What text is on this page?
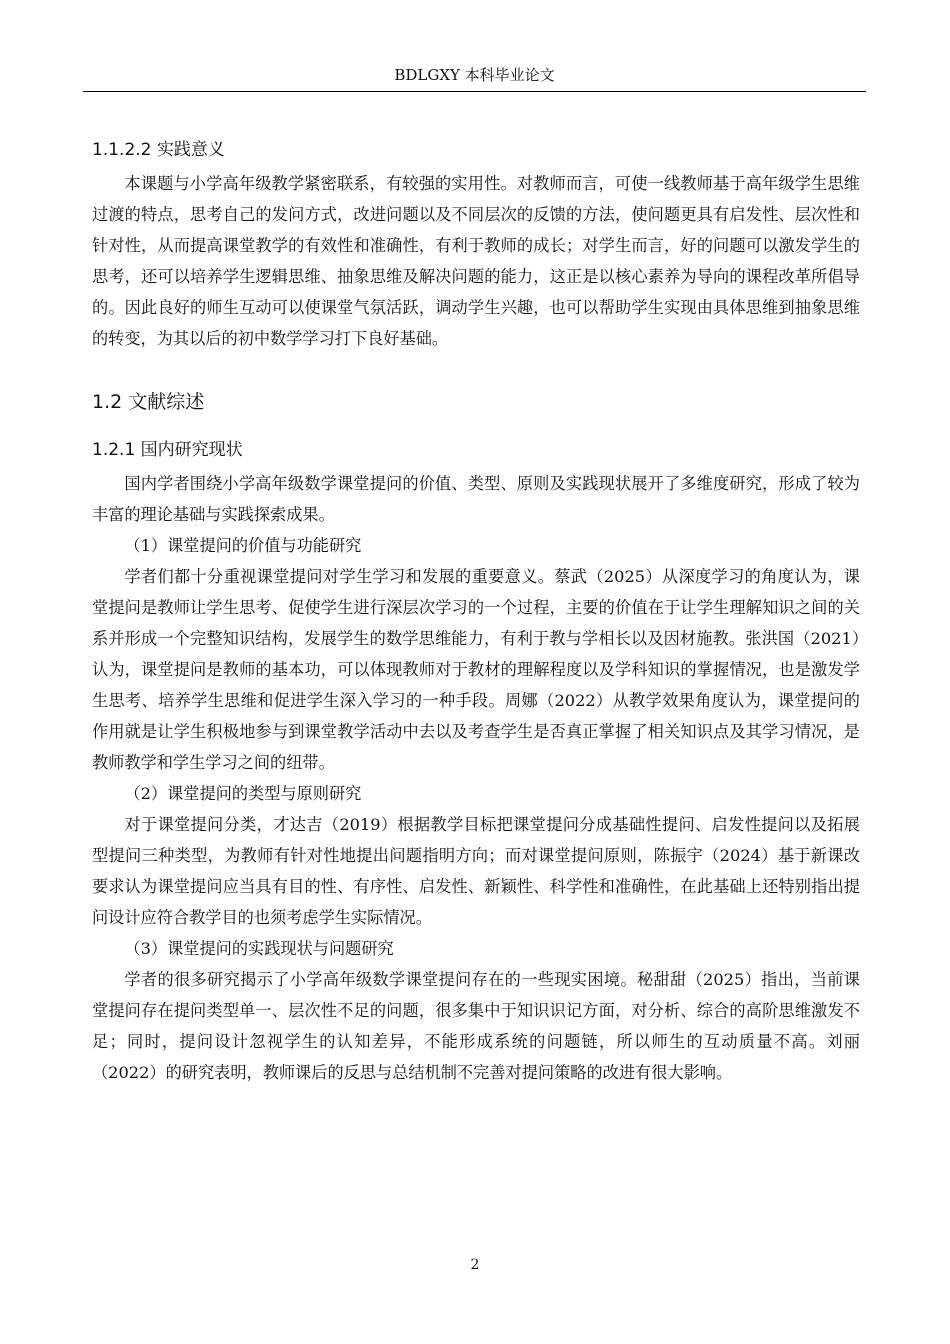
BDLGXY 本科毕业论文
1.1.2.2 实践意义

本课题与小学高年级教学紧密联系，有较强的实用性。对教师而言，可使一线教师基于高年级学生思维过渡的特点，思考自己的发问方式，改进问题以及不同层次的反馈的方法，使问题更具有启发性、层次性和针对性，从而提高课堂教学的有效性和准确性，有利于教师的成长；对学生而言，好的问题可以激发学生的思考，还可以培养学生逻辑思维、抽象思维及解决问题的能力，这正是以核心素养为导向的课程改革所倡导的。因此良好的师生互动可以使课堂气氛活跃，调动学生兴趣，也可以帮助学生实现由具体思维到抽象思维的转变，为其以后的初中数学学习打下良好基础。

1.2 文献综述
1.2.1 国内研究现状

国内学者围绕小学高年级数学课堂提问的价值、类型、原则及实践现状展开了多维度研究，形成了较为丰富的理论基础与实践探索成果。

（1）课堂提问的价值与功能研究

学者们都十分重视课堂提问对学生学习和发展的重要意义。蔡武（2025）从深度学习的角度认为，课堂提问是教师让学生思考、促使学生进行深层次学习的一个过程，主要的价值在于让学生理解知识之间的关系并形成一个完整知识结构，发展学生的数学思维能力，有利于教与学相长以及因材施教。张洪国（2021）认为，课堂提问是教师的基本功，可以体现教师对于教材的理解程度以及学科知识的掌握情况，也是激发学生思考、培养学生思维和促进学生深入学习的一种手段。周娜（2022）从教学效果角度认为，课堂提问的作用就是让学生积极地参与到课堂教学活动中去以及考查学生是否真正掌握了相关知识点及其学习情况，是教师教学和学生学习之间的纽带。

（2）课堂提问的类型与原则研究

对于课堂提问分类，才达吉（2019）根据教学目标把课堂提问分成基础性提问、启发性提问以及拓展型提问三种类型，为教师有针对性地提出问题指明方向；而对课堂提问原则，陈振宇（2024）基于新课改要求认为课堂提问应当具有目的性、有序性、启发性、新颖性、科学性和准确性，在此基础上还特别指出提问设计应符合教学目的也须考虑学生实际情况。

（3）课堂提问的实践现状与问题研究

学者的很多研究揭示了小学高年级数学课堂提问存在的一些现实困境。秘甜甜（2025）指出，当前课堂提问存在提问类型单一、层次性不足的问题，很多集中于知识识记方面，对分析、综合的高阶思维激发不足；同时，提问设计忽视学生的认知差异，不能形成系统的问题链，所以师生的互动质量不高。刘丽（2022）的研究表明，教师课后的反思与总结机制不完善对提问策略的改进有很大影响。

2
